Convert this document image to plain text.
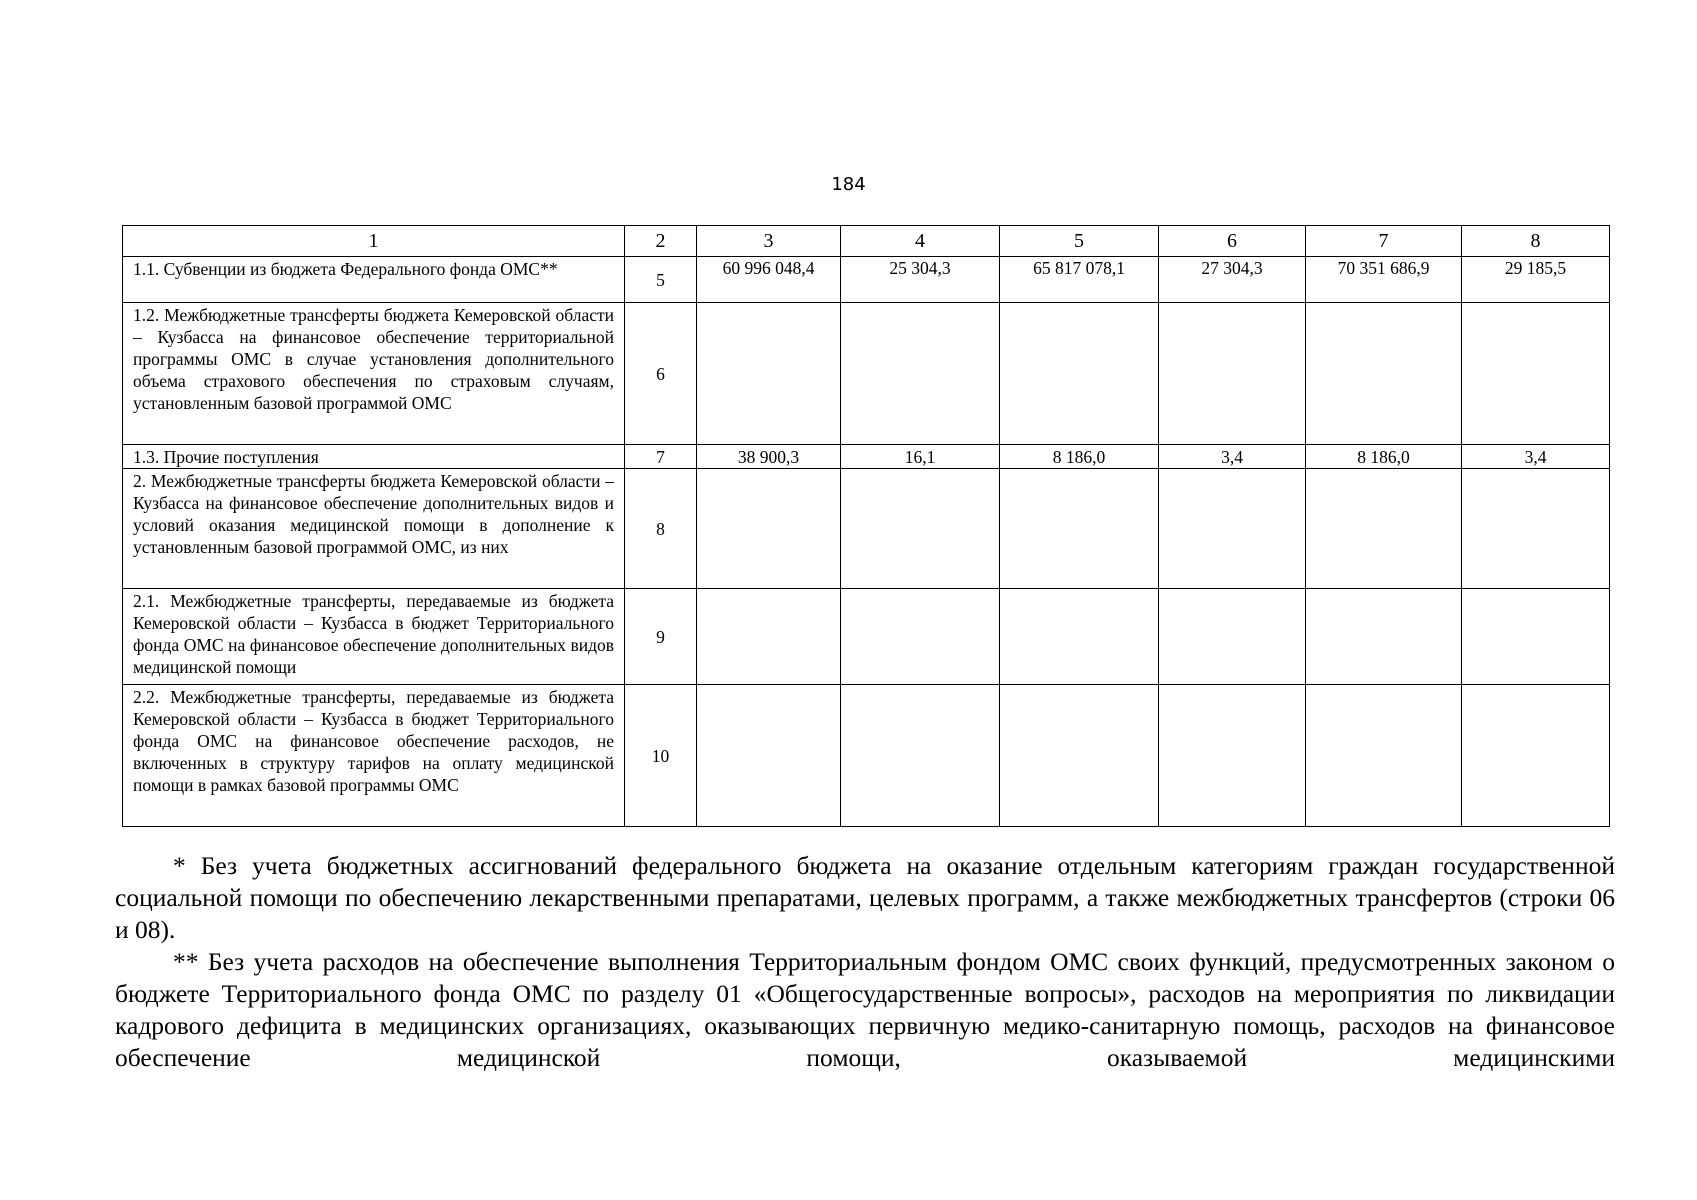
184
1	2	3	4	5	6	7	8
1.1. Субвенции из бюджета Федерального фонда ОМС**	5	60 996 048,4	25 304,3	65 817 078,1	27 304,3	70 351 686,9	29 185,5
1.2. Межбюджетные трансферты бюджета Кемеровской области – Кузбасса на финансовое обеспечение территориальной программы ОМС в случае установления дополнительного объема страхового обеспечения по страховым случаям, установленным базовой программой ОМС	6						
1.3. Прочие поступления	7	38 900,3	16,1	8 186,0	3,4	8 186,0	3,4
2. Межбюджетные трансферты бюджета Кемеровской области – Кузбасса на финансовое обеспечение дополнительных видов и условий оказания медицинской помощи в дополнение к установленным базовой программой ОМС, из них	8						
2.1. Межбюджетные трансферты, передаваемые из бюджета Кемеровской области – Кузбасса в бюджет Территориального фонда ОМС на финансовое обеспечение дополнительных видов медицинской помощи	9						
2.2. Межбюджетные трансферты, передаваемые из бюджета Кемеровской области – Кузбасса в бюджет Территориального фонда ОМС на финансовое обеспечение расходов, не включенных в структуру тарифов на оплату медицинской помощи в рамках базовой программы ОМС	10						

* Без учета бюджетных ассигнований федерального бюджета на оказание отдельным категориям граждан государственной социальной помощи по обеспечению лекарственными препаратами, целевых программ, а также межбюджетных трансфертов (строки 06 и 08).

** Без учета расходов на обеспечение выполнения Территориальным фондом ОМС своих функций, предусмотренных законом о бюджете Территориального фонда ОМС по разделу 01 «Общегосударственные вопросы», расходов на мероприятия по ликвидации кадрового дефицита в медицинских организациях, оказывающих первичную медико-санитарную помощь, расходов на финансовое обеспечение медицинской помощи, оказываемой медицинскими
